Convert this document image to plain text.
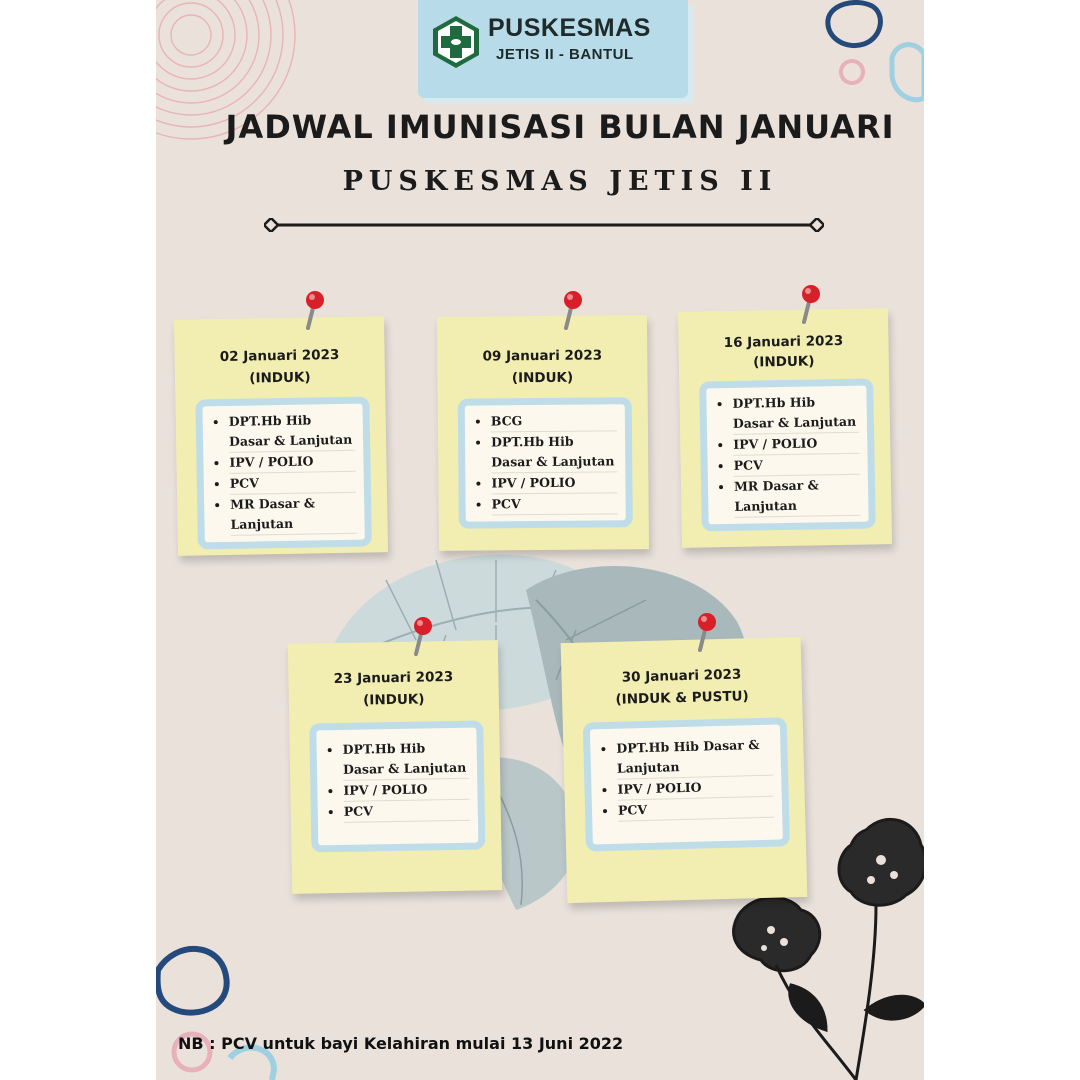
PUSKESMAS
JETIS II - BANTUL
JADWAL IMUNISASI BULAN JANUARI
PUSKESMAS JETIS II
02 Januari 2023
(INDUK)
• DPT.Hb Hib Dasar & Lanjutan
• IPV / POLIO
• PCV
• MR Dasar & Lanjutan
09 Januari 2023
(INDUK)
• BCG
• DPT.Hb Hib Dasar & Lanjutan
• IPV / POLIO
• PCV
16 Januari 2023
(INDUK)
• DPT.Hb Hib Dasar & Lanjutan
• IPV / POLIO
• PCV
• MR Dasar & Lanjutan
23 Januari 2023
(INDUK)
• DPT.Hb Hib Dasar & Lanjutan
• IPV / POLIO
• PCV
30 Januari 2023
(INDUK & PUSTU)
• DPT.Hb Hib Dasar & Lanjutan
• IPV / POLIO
• PCV
NB : PCV untuk bayi Kelahiran mulai 13 Juni 2022
